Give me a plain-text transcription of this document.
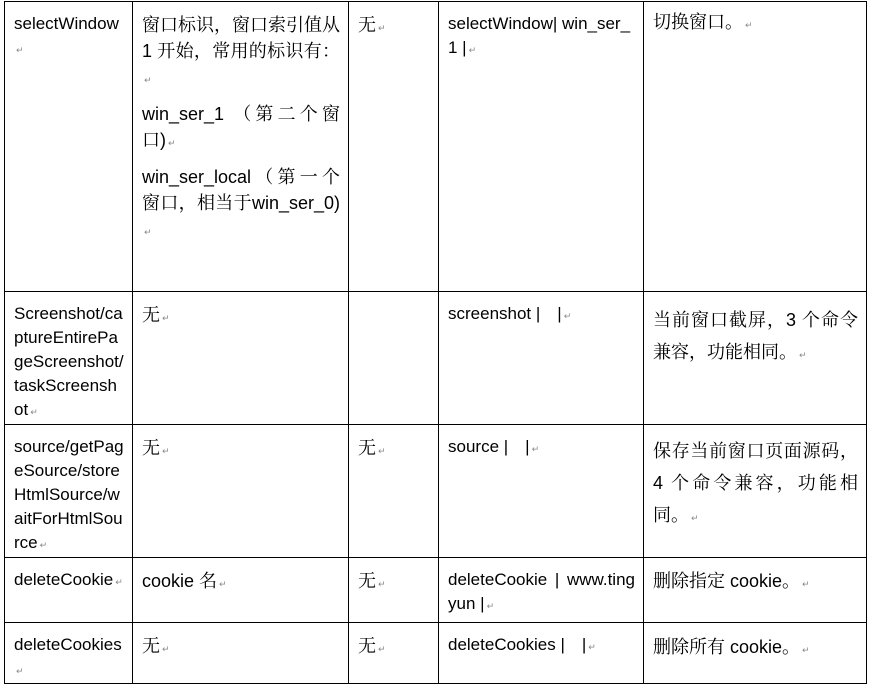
selectWindow ↵	窗口标识，窗口索引值从 1 开始，常用的标识有： ↵

win_ser_1 （第二个窗口) ↵

win_ser_local（第一个窗口，相当于win_ser_0) ↵

	无 ↵	selectWindow| win_ser_1 | ↵	切换窗口。 ↵
Screenshot/captureEntirePageScreenshot/taskScreenshot ↵	无 ↵		screenshot |　| ↵	当前窗口截屏，3 个命令兼容，功能相同。 ↵
source/getPageSource/storeHtmlSource/waitForHtmlSource ↵	无 ↵	无 ↵	source |　| ↵	保存当前窗口页面源码，4 个命令兼容，功能相同。 ↵
deleteCookie ↵	cookie 名 ↵	无 ↵	deleteCookie | www.tingyun | ↵	删除指定 cookie。 ↵
deleteCookies ↵	无 ↵	无 ↵	deleteCookies |　| ↵	删除所有 cookie。 ↵
